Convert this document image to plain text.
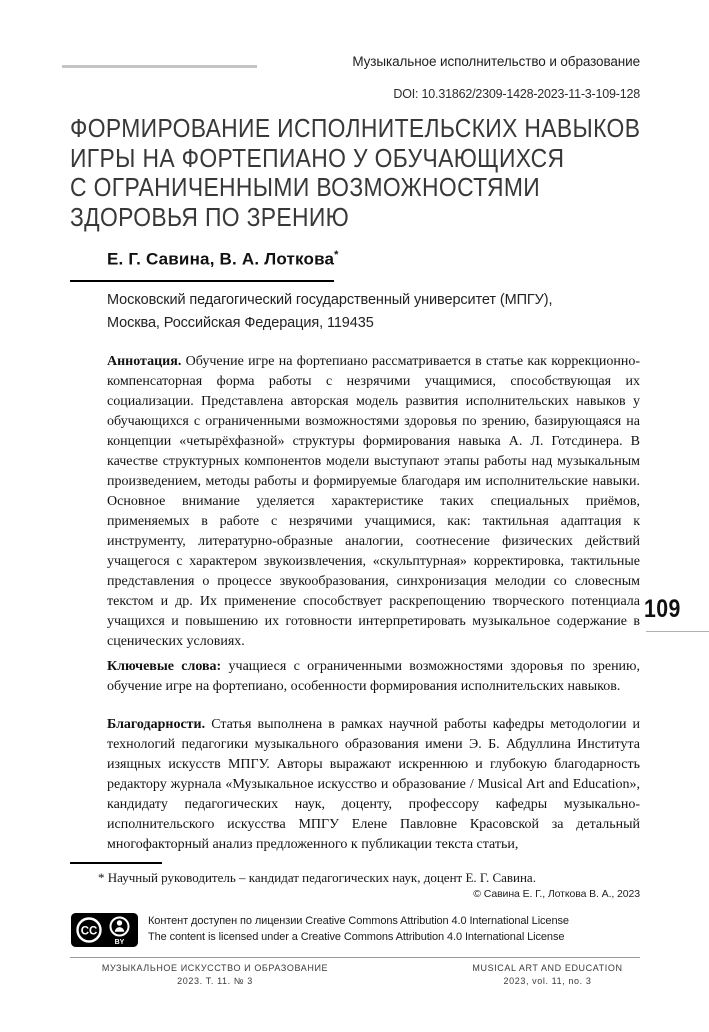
Музыкальное исполнительство и образование
DOI: 10.31862/2309-1428-2023-11-3-109-128
ФОРМИРОВАНИЕ ИСПОЛНИТЕЛЬСКИХ НАВЫКОВ
ИГРЫ НА ФОРТЕПИАНО У ОБУЧАЮЩИХСЯ
С ОГРАНИЧЕННЫМИ ВОЗМОЖНОСТЯМИ
ЗДОРОВЬЯ ПО ЗРЕНИЮ
Е. Г. Савина, В. А. Лоткова*
Московский педагогический государственный университет (МПГУ),
Москва, Российская Федерация, 119435

Аннотация. Обучение игре на фортепиано рассматривается в статье как коррекционно-компенсаторная форма работы с незрячими учащимися, способствующая их социализации. Представлена авторская модель развития исполнительских навыков у обучающихся с ограниченными возможностями здоровья по зрению, базирующаяся на концепции «четырёхфазной» структуры формирования навыка А. Л. Готсдинера. В качестве структурных компонентов модели выступают этапы работы над музыкальным произведением, методы работы и формируемые благодаря им исполнительские навыки. Основное внимание уделяется характеристике таких специальных приёмов, применяемых в работе с незрячими учащимися, как: тактильная адаптация к инструменту, литературно-образные аналогии, соотнесение физических действий учащегося с характером звукоизвлечения, «скульптурная» корректировка, тактильные представления о процессе звукообразования, синхронизация мелодии со словесным текстом и др. Их применение способствует раскрепощению творческого потенциала учащихся и повышению их готовности интерпретировать музыкальное содержание в сценических условиях.

Ключевые слова: учащиеся с ограниченными возможностями здоровья по зрению, обучение игре на фортепиано, особенности формирования исполнительских навыков.

Благодарности. Статья выполнена в рамках научной работы кафедры методологии и технологий педагогики музыкального образования имени Э. Б. Абдуллина Института изящных искусств МПГУ. Авторы выражают искреннюю и глубокую благодарность редактору журнала «Музыкальное искусство и образование / Musical Art and Education», кандидату педагогических наук, доценту, профессору кафедры музыкально-исполнительского искусства МПГУ Елене Павловне Красовской за детальный многофакторный анализ предложенного к публикации текста статьи,

* Научный руководитель – кандидат педагогических наук, доцент Е. Г. Савина.
© Савина Е. Г., Лоткова В. А., 2023
CC
BY
Контент доступен по лицензии Creative Commons Attribution 4.0 International License
The content is licensed under a Creative Commons Attribution 4.0 International License
МУЗЫКАЛЬНОЕ ИСКУССТВО И ОБРАЗОВАНИЕ
2023. Т. 11. № 3
MUSICAL ART AND EDUCATION
2023, vol. 11, no. 3
109
